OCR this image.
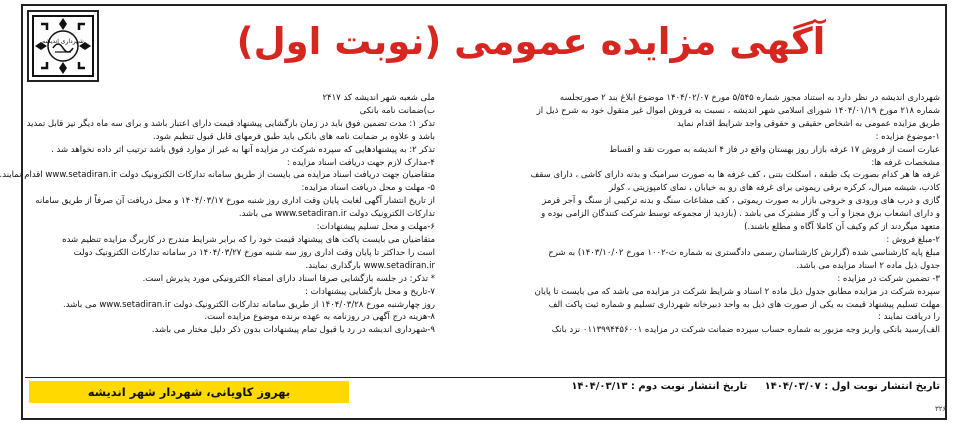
شهرداری اندیشه	آگهی مزایده عمومی (نوبت اول)
شهرداری اندیشه در نظر دارد به استناد مجوز شماره ۵/۵۴۵ مورخ ۱۴۰۴/۰۲/۰۷ موضوع ابلاغ بند ۲ صورتجلسه
شماره ۲۱۸ مورخ ۱۴۰۴/۰۱/۱۹ شورای اسلامی شهر اندیشه ، نسبت به فروش اموال غیر منقول خود به شرح ذیل از
طریق مزایده عمومی به اشخاص حقیقی و حقوقی واجد شرایط اقدام نماید
۱-موضوع مزایده :
عبارت است از فروش ۱۷ غرفه بازار روز بهستان واقع در فاز ۴ اندیشه به صورت نقد و اقساط
مشخصات غرفه ها:
غرفه ها هر کدام بصورت یک طبقه ، اسکلت بتنی ، کف غرفه ها به صورت سرامیک و بدنه دارای کاشی ، دارای سقف
کاذب، شیشه میرال، کرکره برقی ریموتی برای غرفه های رو به خیابان ، نمای کامپوزیتی ، کولر
گازی و درب های ورودی و خروجی بازار به صورت ریموتی ، کف مشاعات سنگ و بدنه ترکیبی از سنگ و آجر قرمز
و دارای انشعاب برق مجزا و آب و گاز مشترک می باشد . (بازدید از مجموعه توسط شرکت کنندگان الزامی بوده و
متعهد میگردند از کم وکیف آن کاملا آگاه و مطلع باشند.)
۲-مبلغ فروش :
مبلغ پایه کارشناسی شده (گزارش کارشناسان رسمی دادگستری به شماره ث-۱۰۰۲ مورخ ۱۴۰۳/۱۰/۰۲) به شرح
جدول ذیل ماده ۲ اسناد مزایده می باشد.
۳- تضمین شرکت در مزایده :
سپرده شرکت در مزایده مطابق جدول ذیل ماده ۲ اسناد و شرایط شرکت در مزایده می باشد که می بایست تا پایان
مهلت تسلیم پیشنهاد قیمت به یکی از صورت های ذیل به واحد دبیرخانه شهرداری تسلیم و شماره ثبت پاکت الف
را دریافت نمایند :
الف)رسید بانکی واریز وجه مزبور به شماره حساب سپرده ضمانت شرکت در مزایده ۰۱۱۳۹۹۴۴۵۶۰۰۱ نزد بانک
ملی شعبه شهر اندیشه کد ۲۴۱۷
ب)ضمانت نامه بانکی
تذکر ۱: مدت تضمین فوق باید در زمان بازگشایی پیشنهاد قیمت دارای اعتبار باشد و برای سه ماه دیگر نیز قابل تمدید
باشد و علاوه بر ضمانت نامه های بانکی باید طبق فرمهای قابل قبول تنظیم شود.
تذکر ۲: به پیشنهادهایی که سپرده شرکت در مزایده آنها به غیر از موارد فوق باشد ترتیب اثر داده نخواهد شد .
۴-مدارک لازم جهت دریافت اسناد مزایده :
متقاضیان جهت دریافت اسناد مزایده می بایست از طریق سامانه تدارکات الکترونیک دولت www.setadiran.ir اقدام نمایند.
۵- مهلت و محل دریافت اسناد مزایده:
از تاریخ انتشار آگهی لغایت پایان وقت اداری روز شنبه مورخ ۱۴۰۴/۰۳/۱۷ و محل دریافت آن صرفاً از طریق سامانه
تدارکات الکترونیک دولت www.setadiran.ir می باشد.
۶-مهلت و محل تسلیم پیشنهادات:
متقاضیان می بایست پاکت های پیشنهاد قیمت خود را که برابر شرایط مندرج در کاربرگ مزایده تنظیم شده
است را حداکثر تا پایان وقت اداری روز سه شنبه مورخ ۱۴۰۴/۰۳/۲۷ در سامانه تدارکات الکترونیک دولت
www.setadiran.ir بارگذاری نمایند.
* تذکر: در جلسه بازگشایی صرفا اسناد دارای امضاء الکترونیکی مورد پذیرش است.
۷-تاریخ و محل بازگشایی پیشنهادات :
روز چهارشنبه مورخ ۱۴۰۴/۰۳/۲۸ از طریق سامانه تدارکات الکترونیک دولت www.setadiran.ir می باشد.
۸-هزینه درج آگهی در روزنامه به عهده برنده موضوع مزایده است.
۹-شهرداری اندیشه در رد یا قبول تمام پیشنهادات بدون ذکر دلیل مختار می باشد.
تاریخ انتشار نوبت اول : ۱۴۰۴/۰۳/۰۷ تاریخ انتشار نوبت دوم : ۱۴۰۴/۰۳/۱۳
بهروز کاویانی، شهردار شهر اندیشه
۳۲۶
